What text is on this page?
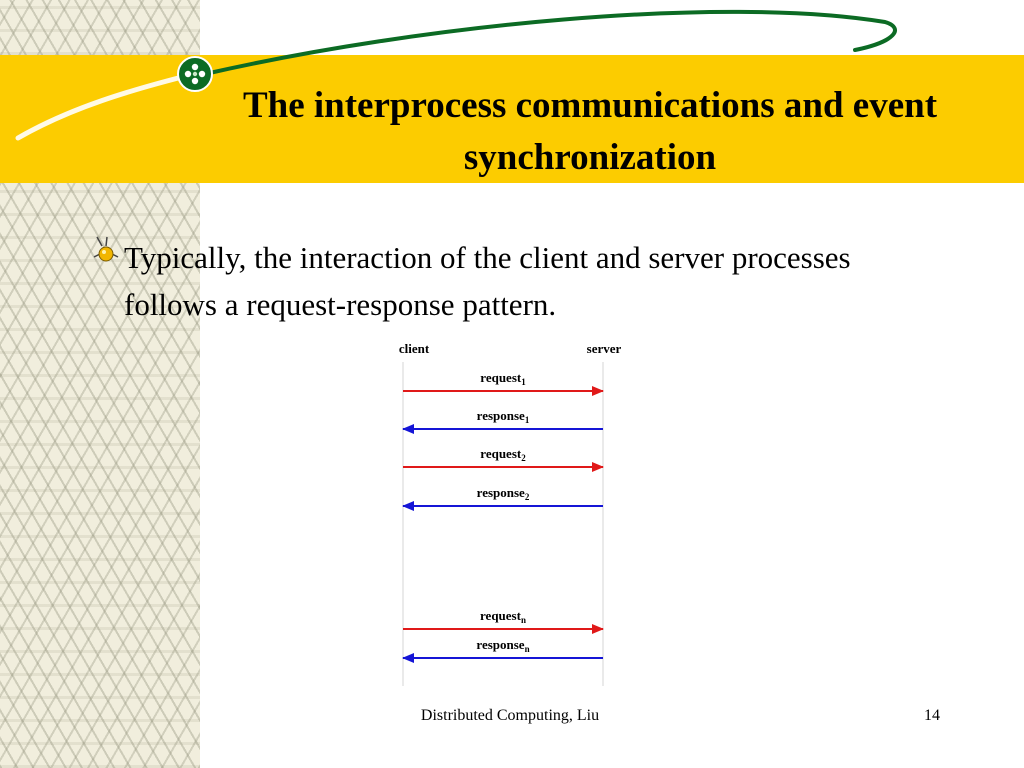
The interprocess communications and event synchronization

Typically, the interaction of the client and server processes follows a request-response pattern.

client	server
request$_1$
response$_1$
request$_2$
response$_2$
request$_n$
response$_n$
Distributed Computing, Liu	14
